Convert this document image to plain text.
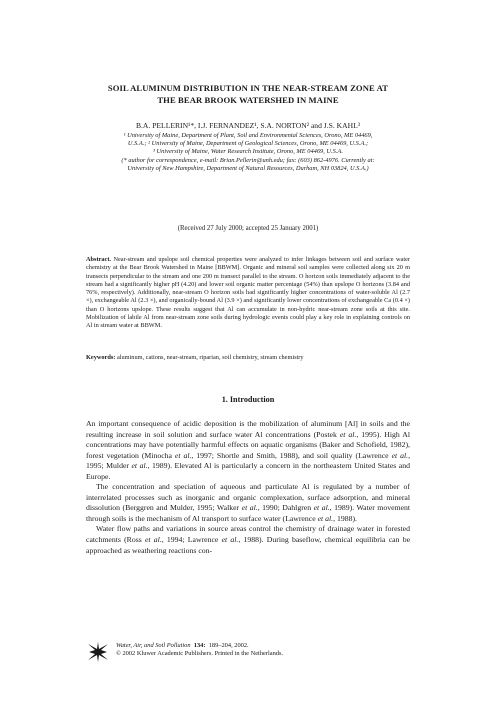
SOIL ALUMINUM DISTRIBUTION IN THE NEAR-STREAM ZONE AT
THE BEAR BROOK WATERSHED IN MAINE
B.A. PELLERIN¹*, I.J. FERNANDEZ¹, S.A. NORTON² and J.S. KAHL³
¹ University of Maine, Department of Plant, Soil and Environmental Sciences, Orono, ME 04469,
U.S.A.; ² University of Maine, Department of Geological Sciences, Orono, ME 04469, U.S.A.;
³ University of Maine, Water Research Institute, Orono, ME 04469, U.S.A.
(* author for correspondence, e-mail: Brian.Pellerin@unh.edu; fax: (603) 862-4976. Currently at:
University of New Hampshire, Department of Natural Resources, Durham, NH 03824, U.S.A.)
(Received 27 July 2000; accepted 25 January 2001)
Abstract. Near-stream and upslope soil chemical properties were analyzed to infer linkages between soil and surface water chemistry at the Bear Brook Watershed in Maine [BBWM]. Organic and mineral soil samples were collected along six 20 m transects perpendicular to the stream and one 200 m transect parallel to the stream. O horizon soils immediately adjacent to the stream had a significantly higher pH (4.20) and lower soil organic matter percentage (54%) than upslope O horizons (3.84 and 76%, respectively). Additionally, near-stream O horizon soils had significantly higher concentrations of water-soluble Al (2.7 ×), exchangeable Al (2.3 ×), and organically-bound Al (3.9 ×) and significantly lower concentrations of exchangeable Ca (0.4 ×) than O horizons upslope. These results suggest that Al can accumulate in non-hydric near-stream zone soils at this site. Mobilization of labile Al from near-stream zone soils during hydrologic events could play a key role in explaining controls on Al in stream water at BBWM.
Keywords: aluminum, cations, near-stream, riparian, soil chemistry, stream chemistry
1. Introduction

An important consequence of acidic deposition is the mobilization of aluminum [Al] in soils and the resulting increase in soil solution and surface water Al concentrations (Postek et al., 1995). High Al concentrations may have potentially harmful effects on aquatic organisms (Baker and Schofield, 1982), forest vegetation (Minocha et al., 1997; Shortle and Smith, 1988), and soil quality (Lawrence et al., 1995; Mulder et al., 1989). Elevated Al is particularly a concern in the northeastern United States and Europe.

The concentration and speciation of aqueous and particulate Al is regulated by a number of interrelated processes such as inorganic and organic complexation, surface adsorption, and mineral dissolution (Berggren and Mulder, 1995; Walker et al., 1990; Dahlgren et al., 1989). Water movement through soils is the mechanism of Al transport to surface water (Lawrence et al., 1988).

Water flow paths and variations in source areas control the chemistry of drainage water in forested catchments (Ross et al., 1994; Lawrence et al., 1988). During baseflow, chemical equilibria can be approached as weathering reactions con-

Water, Air, and Soil Pollution 134: 189–204, 2002.
© 2002 Kluwer Academic Publishers. Printed in the Netherlands.
